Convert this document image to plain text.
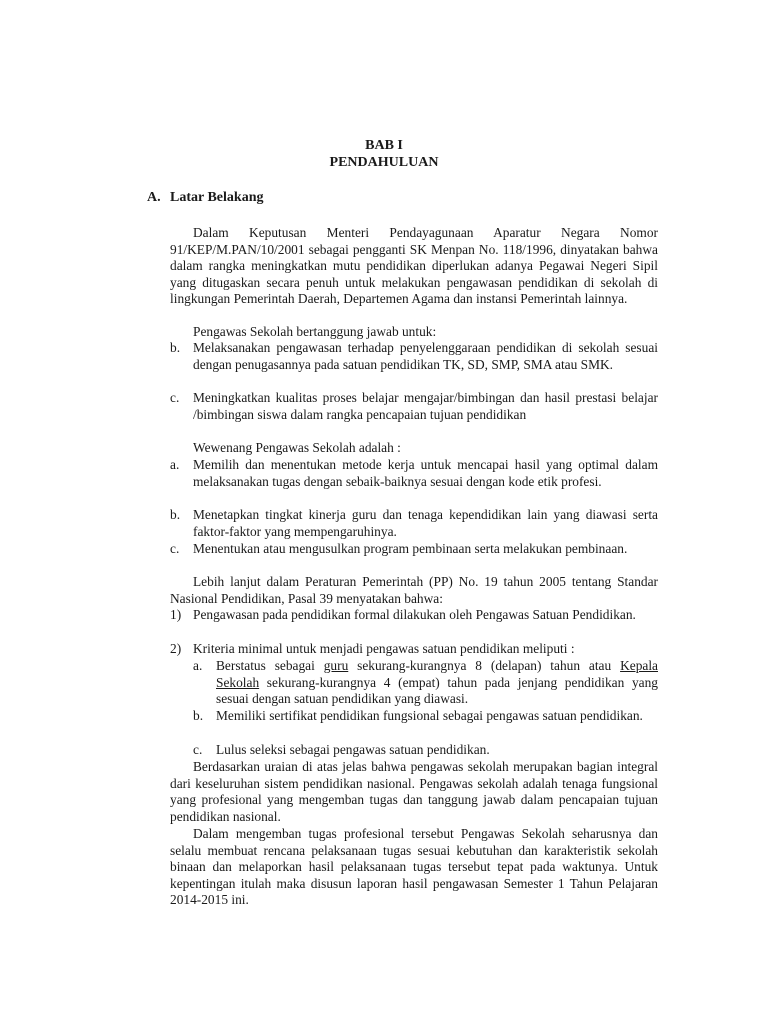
BAB I
PENDAHULUAN
A. Latar Belakang

Dalam Keputusan Menteri Pendayagunaan Aparatur Negara Nomor 91/KEP/M.PAN/10/2001 sebagai pengganti SK Menpan No. 118/1996, dinyatakan bahwa dalam rangka meningkatkan mutu pendidikan diperlukan adanya Pegawai Negeri Sipil yang ditugaskan secara penuh untuk melakukan pengawasan pendidikan di sekolah di lingkungan Pemerintah Daerah, Departemen Agama dan instansi Pemerintah lainnya.

Pengawas Sekolah bertanggung jawab untuk:

b. Melaksanakan pengawasan terhadap penyelenggaraan pendidikan di sekolah sesuai dengan penugasannya pada satuan pendidikan TK, SD, SMP, SMA atau SMK.
c. Meningkatkan kualitas proses belajar mengajar/bimbingan dan hasil prestasi belajar /bimbingan siswa dalam rangka pencapaian tujuan pendidikan

Wewenang Pengawas Sekolah adalah :

a. Memilih dan menentukan metode kerja untuk mencapai hasil yang optimal dalam melaksanakan tugas dengan sebaik-baiknya sesuai dengan kode etik profesi.
b. Menetapkan tingkat kinerja guru dan tenaga kependidikan lain yang diawasi serta faktor-faktor yang mempengaruhinya.
c. Menentukan atau mengusulkan program pembinaan serta melakukan pembinaan.

Lebih lanjut dalam Peraturan Pemerintah (PP) No. 19 tahun 2005 tentang Standar Nasional Pendidikan, Pasal 39 menyatakan bahwa:

1) Pengawasan pada pendidikan formal dilakukan oleh Pengawas Satuan Pendidikan.
2) Kriteria minimal untuk menjadi pengawas satuan pendidikan meliputi :
a. Berstatus sebagai guru sekurang-kurangnya 8 (delapan) tahun atau Kepala Sekolah sekurang-kurangnya 4 (empat) tahun pada jenjang pendidikan yang sesuai dengan satuan pendidikan yang diawasi.
b. Memiliki sertifikat pendidikan fungsional sebagai pengawas satuan pendidikan.
c. Lulus seleksi sebagai pengawas satuan pendidikan.

Berdasarkan uraian di atas jelas bahwa pengawas sekolah merupakan bagian integral dari keseluruhan sistem pendidikan nasional. Pengawas sekolah adalah tenaga fungsional yang profesional yang mengemban tugas dan tanggung jawab dalam pencapaian tujuan pendidikan nasional.

Dalam mengemban tugas profesional tersebut Pengawas Sekolah seharusnya dan selalu membuat rencana pelaksanaan tugas sesuai kebutuhan dan karakteristik sekolah binaan dan melaporkan hasil pelaksanaan tugas tersebut tepat pada waktunya. Untuk kepentingan itulah maka disusun laporan hasil pengawasan Semester 1 Tahun Pelajaran 2014-2015 ini.
